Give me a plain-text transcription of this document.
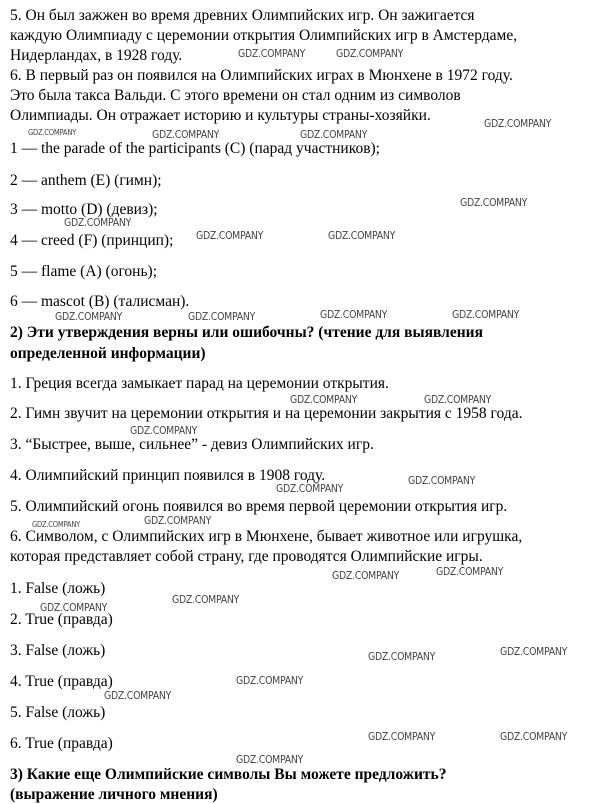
5. Он был зажжен во время древних Олимпийских игр. Он зажигается
каждую Олимпиаду с церемонии открытия Олимпийских игр в Амстердаме,
Нидерландах, в 1928 году.
6. В первый раз он появился на Олимпийских играх в Мюнхене в 1972 году.
Это была такса Вальди. С этого времени он стал одним из символов
Олимпиады. Он отражает историю и культуры страны-хозяйки.
1 — the parade of the participants (C) (парад участников);
2 — anthem (E) (гимн);
3 — motto (D) (девиз);
4 — creed (F) (принцип);
5 — flame (A) (огонь);
6 — mascot (B) (талисман).
2) Эти утверждения верны или ошибочны? (чтение для выявления
определенной информации)
1. Греция всегда замыкает парад на церемонии открытия.
2. Гимн звучит на церемонии открытия и на церемонии закрытия с 1958 года.
3. “Быстрее, выше, сильнее” - девиз Олимпийских игр.
4. Олимпийский принцип появился в 1908 году.
5. Олимпийский огонь появился во время первой церемонии открытия игр.
6. Символом, с Олимпийских игр в Мюнхене, бывает животное или игрушка,
которая представляет собой страну, где проводятся Олимпийские игры.
1. False (ложь)
2. True (правда)
3. False (ложь)
4. True (правда)
5. False (ложь)
6. True (правда)
3) Какие еще Олимпийские символы Вы можете предложить?
(выражение личного мнения)
GDZ.COMPANY	GDZ.COMPANY
GDZ.COMPANY
GDZ.COMPANY	GDZ.COMPANY	GDZ.COMPANY
GDZ.COMPANY
GDZ.COMPANY
GDZ.COMPANY	GDZ.COMPANY
GDZ.COMPANY	GDZ.COMPANY	GDZ.COMPANY	GDZ.COMPANY
GDZ.COMPANY	GDZ.COMPANY
GDZ.COMPANY
GDZ.COMPANY
GDZ.COMPANY
GDZ.COMPANY	GDZ.COMPANY
GDZ.COMPANY
GDZ.COMPANY
GDZ.COMPANY
GDZ.COMPANY
GDZ.COMPANY	GDZ.COMPANY
GDZ.COMPANY
GDZ.COMPANY
GDZ.COMPANY	GDZ.COMPANY
GDZ.COMPANY
